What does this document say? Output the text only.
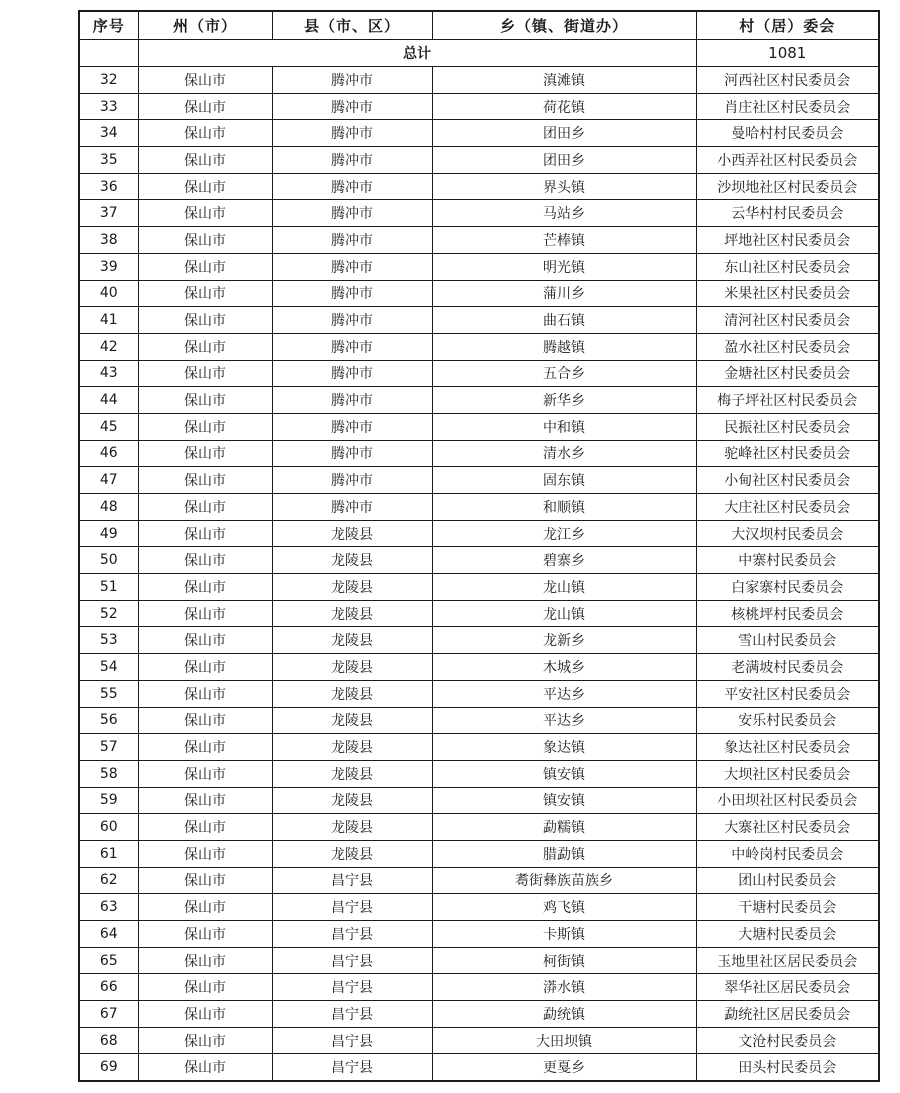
序号	州（市）	县（市、区）	乡（镇、街道办）	村（居）委会
	总计			1081
32	保山市	腾冲市	滇滩镇	河西社区村民委员会
33	保山市	腾冲市	荷花镇	肖庄社区村民委员会
34	保山市	腾冲市	团田乡	曼哈村村民委员会
35	保山市	腾冲市	团田乡	小西弄社区村民委员会
36	保山市	腾冲市	界头镇	沙坝地社区村民委员会
37	保山市	腾冲市	马站乡	云华村村民委员会
38	保山市	腾冲市	芒棒镇	坪地社区村民委员会
39	保山市	腾冲市	明光镇	东山社区村民委员会
40	保山市	腾冲市	蒲川乡	米果社区村民委员会
41	保山市	腾冲市	曲石镇	清河社区村民委员会
42	保山市	腾冲市	腾越镇	盈水社区村民委员会
43	保山市	腾冲市	五合乡	金塘社区村民委员会
44	保山市	腾冲市	新华乡	梅子坪社区村民委员会
45	保山市	腾冲市	中和镇	民振社区村民委员会
46	保山市	腾冲市	清水乡	驼峰社区村民委员会
47	保山市	腾冲市	固东镇	小甸社区村民委员会
48	保山市	腾冲市	和顺镇	大庄社区村民委员会
49	保山市	龙陵县	龙江乡	大汉坝村民委员会
50	保山市	龙陵县	碧寨乡	中寨村民委员会
51	保山市	龙陵县	龙山镇	白家寨村民委员会
52	保山市	龙陵县	龙山镇	核桃坪村民委员会
53	保山市	龙陵县	龙新乡	雪山村民委员会
54	保山市	龙陵县	木城乡	老满坡村民委员会
55	保山市	龙陵县	平达乡	平安社区村民委员会
56	保山市	龙陵县	平达乡	安乐村民委员会
57	保山市	龙陵县	象达镇	象达社区村民委员会
58	保山市	龙陵县	镇安镇	大坝社区村民委员会
59	保山市	龙陵县	镇安镇	小田坝社区村民委员会
60	保山市	龙陵县	勐糯镇	大寨社区村民委员会
61	保山市	龙陵县	腊勐镇	中岭岗村民委员会
62	保山市	昌宁县	耈街彝族苗族乡	团山村民委员会
63	保山市	昌宁县	鸡飞镇	干塘村民委员会
64	保山市	昌宁县	卡斯镇	大塘村民委员会
65	保山市	昌宁县	柯街镇	玉地里社区居民委员会
66	保山市	昌宁县	漭水镇	翠华社区居民委员会
67	保山市	昌宁县	勐统镇	勐统社区居民委员会
68	保山市	昌宁县	大田坝镇	文沧村民委员会
69	保山市	昌宁县	更戛乡	田头村民委员会
